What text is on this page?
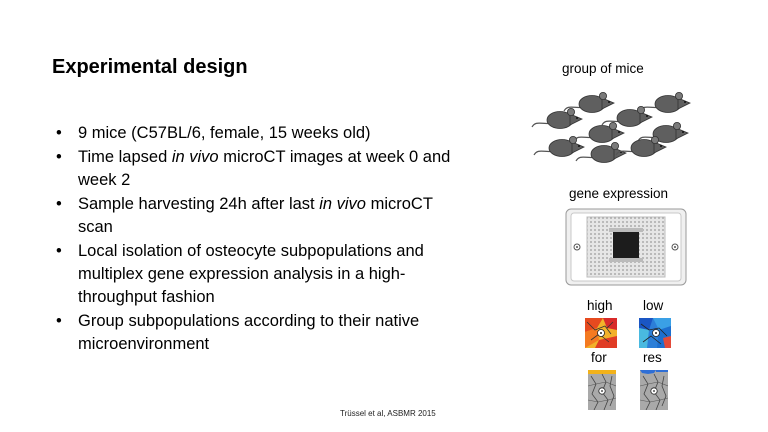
Experimental design
• 9 mice (C57BL/6, female, 15 weeks old)
• Time lapsed in vivo microCT images at week 0 and week 2
• Sample harvesting 24h after last in vivo microCT scan
• Local isolation of osteocyte subpopulations and multiplex gene expression analysis in a high-throughput fashion
• Group subpopulations according to their native microenvironment
group of mice
gene expression
high low
for	res
Trüssel et al, ASBMR 2015
